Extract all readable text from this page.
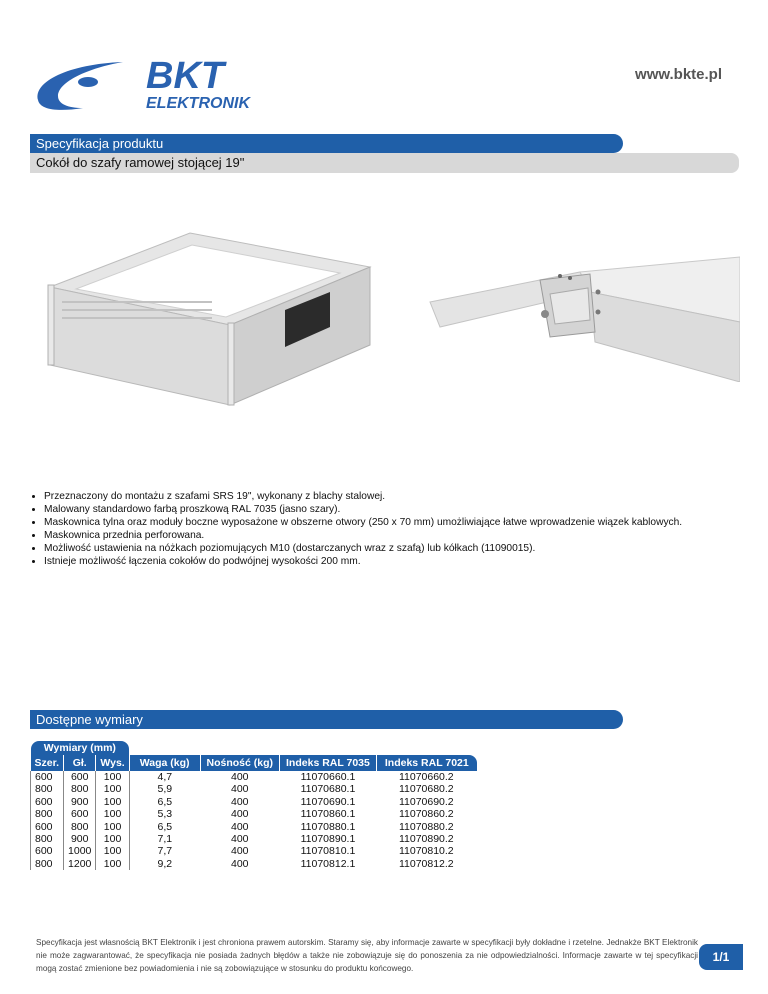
BKT
ELEKTRONIK
www.bkte.pl
Specyfikacja produktu
Cokół do szafy ramowej stojącej 19"
• Przeznaczony do montażu z szafami SRS 19", wykonany z blachy stalowej.
• Malowany standardowo farbą proszkową RAL 7035 (jasno szary).
• Maskownica tylna oraz moduły boczne wyposażone w obszerne otwory (250 x 70 mm) umożliwiające łatwe wprowadzenie wiązek kablowych.
• Maskownica przednia perforowana.
• Możliwość ustawienia na nóżkach poziomujących M10 (dostarczanych wraz z szafą) lub kółkach (11090015).
• Istnieje możliwość łączenia cokołów do podwójnej wysokości 200 mm.
Dostępne wymiary
Wymiary (mm)						
Szer.	Gł.	Wys.	Waga (kg)	Nośność (kg)	Indeks RAL 7035	Indeks RAL 7021
600	600	100	4,7	400	11070660.1	11070660.2
800	800	100	5,9	400	11070680.1	11070680.2
600	900	100	6,5	400	11070690.1	11070690.2
800	600	100	5,3	400	11070860.1	11070860.2
600	800	100	6,5	400	11070880.1	11070880.2
800	900	100	7,1	400	11070890.1	11070890.2
600	1000	100	7,7	400	11070810.1	11070810.2
800	1200	100	9,2	400	11070812.1	11070812.2
Specyfikacja jest własnością BKT Elektronik i jest chroniona prawem autorskim. Staramy się, aby informacje zawarte w specyfikacji były dokładne i rzetelne. Jednakże BKT Elektronik nie może zagwarantować, że specyfikacja nie posiada żadnych błędów a także nie zobowiązuje się do ponoszenia za nie odpowiedzialności. Informacje zawarte w tej specyfikacji mogą zostać zmienione bez powiadomienia i nie są zobowiązujące w stosunku do produktu końcowego.
1/1
